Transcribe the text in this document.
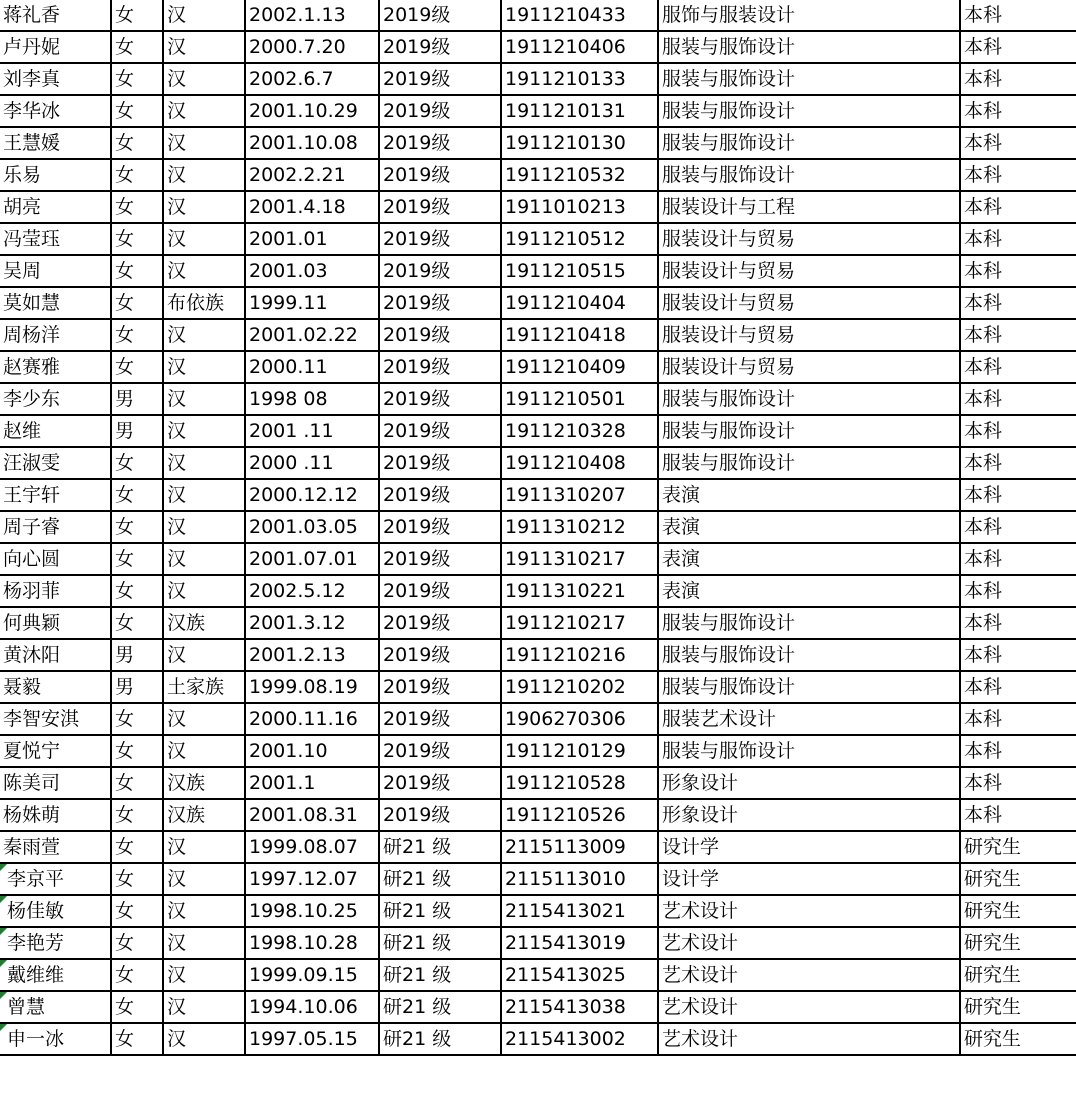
蒋礼香	女	汉	2002.1.13	2019级	1911210433	服饰与服装设计	本科
卢丹妮	女	汉	2000.7.20	2019级	1911210406	服装与服饰设计	本科
刘李真	女	汉	2002.6.7	2019级	1911210133	服装与服饰设计	本科
李华冰	女	汉	2001.10.29	2019级	1911210131	服装与服饰设计	本科
王慧媛	女	汉	2001.10.08	2019级	1911210130	服装与服饰设计	本科
乐易	女	汉	2002.2.21	2019级	1911210532	服装与服饰设计	本科
胡亮	女	汉	2001.4.18	2019级	1911010213	服装设计与工程	本科
冯莹珏	女	汉	2001.01	2019级	1911210512	服装设计与贸易	本科
吴周	女	汉	2001.03	2019级	1911210515	服装设计与贸易	本科
莫如慧	女	布依族	1999.11	2019级	1911210404	服装设计与贸易	本科
周杨洋	女	汉	2001.02.22	2019级	1911210418	服装设计与贸易	本科
赵赛雅	女	汉	2000.11	2019级	1911210409	服装设计与贸易	本科
李少东	男	汉	1998 08	2019级	1911210501	服装与服饰设计	本科
赵维	男	汉	2001 .11	2019级	1911210328	服装与服饰设计	本科
汪淑雯	女	汉	2000 .11	2019级	1911210408	服装与服饰设计	本科
王宇轩	女	汉	2000.12.12	2019级	1911310207	表演	本科
周子睿	女	汉	2001.03.05	2019级	1911310212	表演	本科
向心圆	女	汉	2001.07.01	2019级	1911310217	表演	本科
杨羽菲	女	汉	2002.5.12	2019级	1911310221	表演	本科
何典颖	女	汉族	2001.3.12	2019级	1911210217	服装与服饰设计	本科
黄沐阳	男	汉	2001.2.13	2019级	1911210216	服装与服饰设计	本科
聂毅	男	土家族	1999.08.19	2019级	1911210202	服装与服饰设计	本科
李智安淇	女	汉	2000.11.16	2019级	1906270306	服装艺术设计	本科
夏悦宁	女	汉	2001.10	2019级	1911210129	服装与服饰设计	本科
陈美司	女	汉族	2001.1	2019级	1911210528	形象设计	本科
杨姝萌	女	汉族	2001.08.31	2019级	1911210526	形象设计	本科
秦雨萱	女	汉	1999.08.07	研21 级	2115113009	设计学	研究生
李京平	女	汉	1997.12.07	研21 级	2115113010	设计学	研究生
杨佳敏	女	汉	1998.10.25	研21 级	2115413021	艺术设计	研究生
李艳芳	女	汉	1998.10.28	研21 级	2115413019	艺术设计	研究生
戴维维	女	汉	1999.09.15	研21 级	2115413025	艺术设计	研究生
曾慧	女	汉	1994.10.06	研21 级	2115413038	艺术设计	研究生
申一冰	女	汉	1997.05.15	研21 级	2115413002	艺术设计	研究生
